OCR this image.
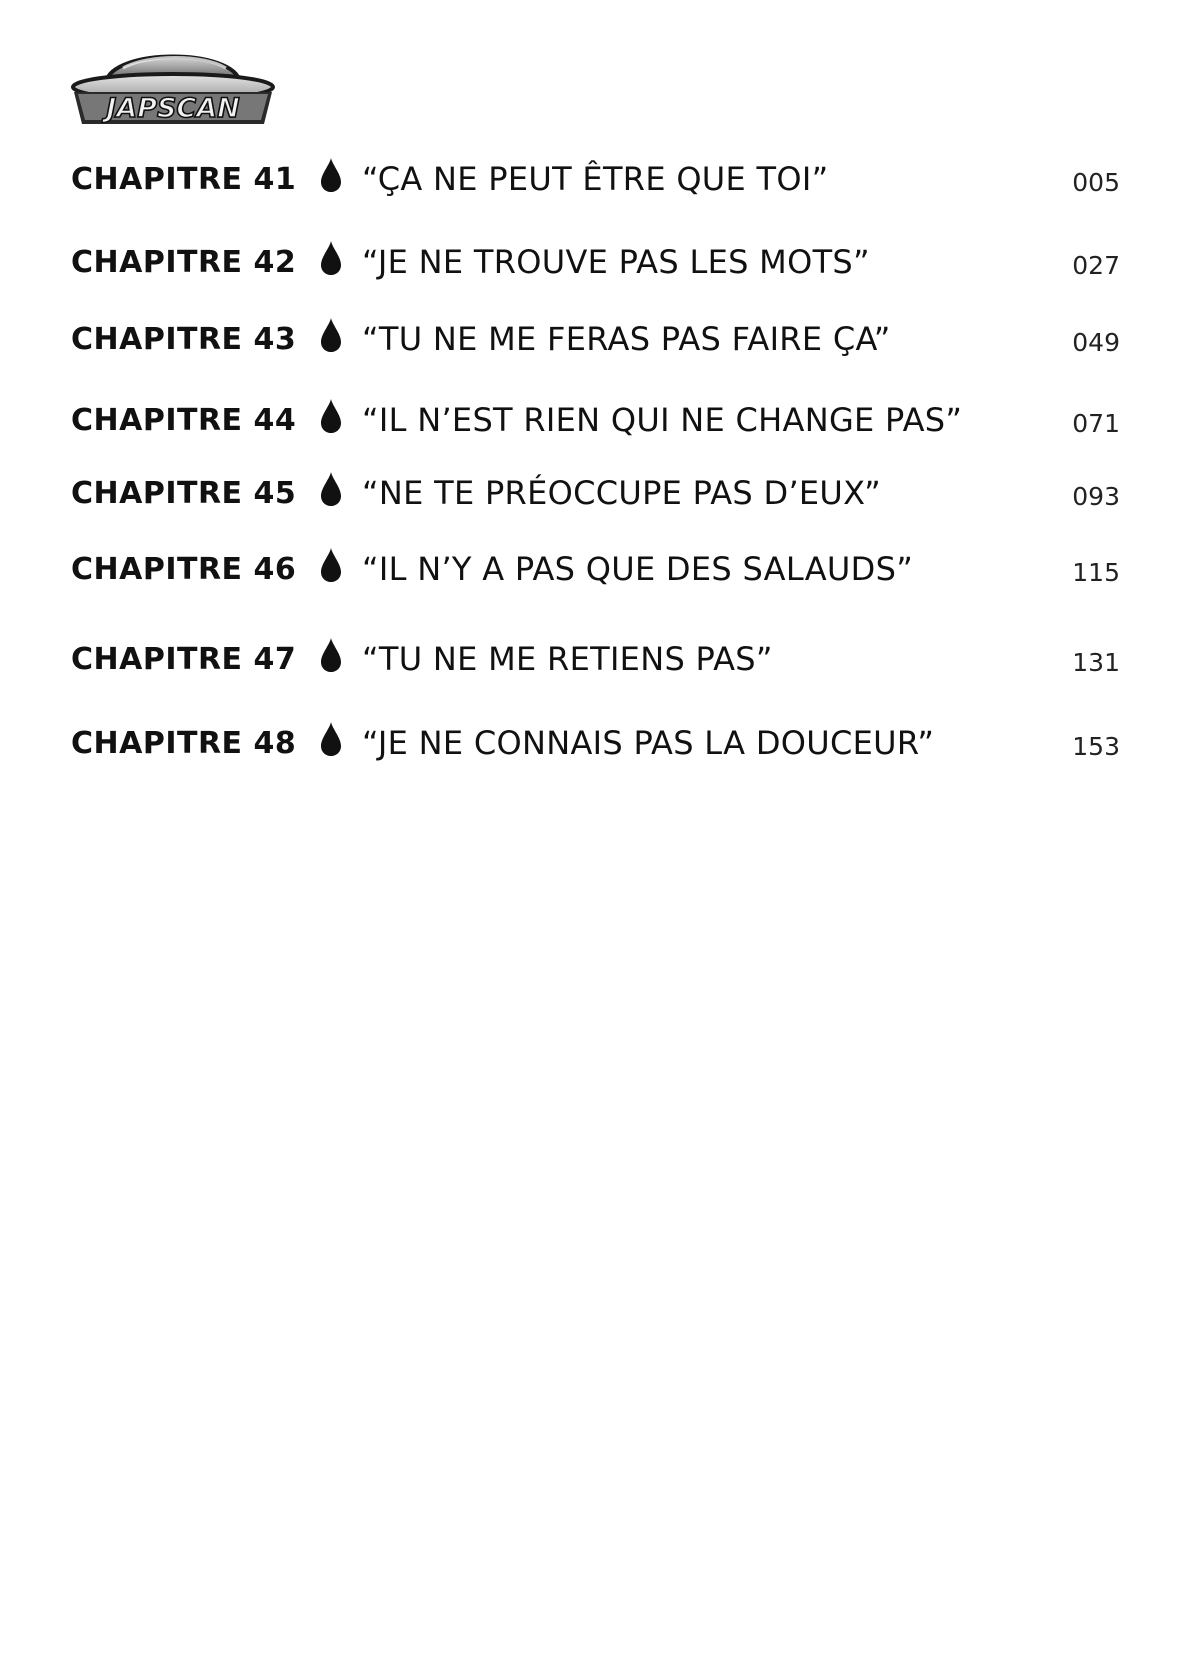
JAPSCAN
CHAPITRE 41 “ÇA NE PEUT ÊTRE QUE TOI”	005
CHAPITRE 42 “JE NE TROUVE PAS LES MOTS”	027
CHAPITRE 43 “TU NE ME FERAS PAS FAIRE ÇA”	049
CHAPITRE 44 “IL N’EST RIEN QUI NE CHANGE PAS”	071
CHAPITRE 45 “NE TE PRÉOCCUPE PAS D’EUX”	093
CHAPITRE 46 “IL N’Y A PAS QUE DES SALAUDS”	115
CHAPITRE 47 “TU NE ME RETIENS PAS”	131
CHAPITRE 48 “JE NE CONNAIS PAS LA DOUCEUR”	153
